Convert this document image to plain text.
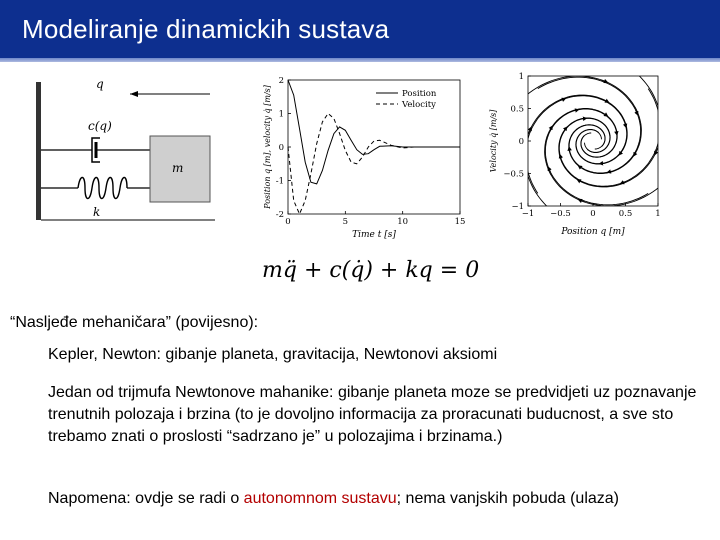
Modeliranje dinamickih sustava
q
c(q)
k
m
0	5	10	15
-2
-1
0
1
2
Position
Velocity
Time t [s]
Position q [m], velocity q̇ [m/s]
−1 −0.5 0	0.5	1
−1
−0.5
0
0.5
1
Position q [m]
Velocity q̇ [m/s]
mq̈ + c(q̇) + kq = 0
“Nasljeđe mehaničara” (povijesno):
Kepler, Newton: gibanje planeta, gravitacija, Newtonovi aksiomi
Jedan od trijmufa Newtonove mahanike: gibanje planeta moze se predvidjeti uz poznavanje trenutnih polozaja i brzina (to je dovoljno informacija za proracunati buducnost, a sve sto trebamo znati o proslosti “sadrzano je” u polozajima i brzinama.)
Napomena: ovdje se radi o autonomnom sustavu; nema vanjskih pobuda (ulaza)
